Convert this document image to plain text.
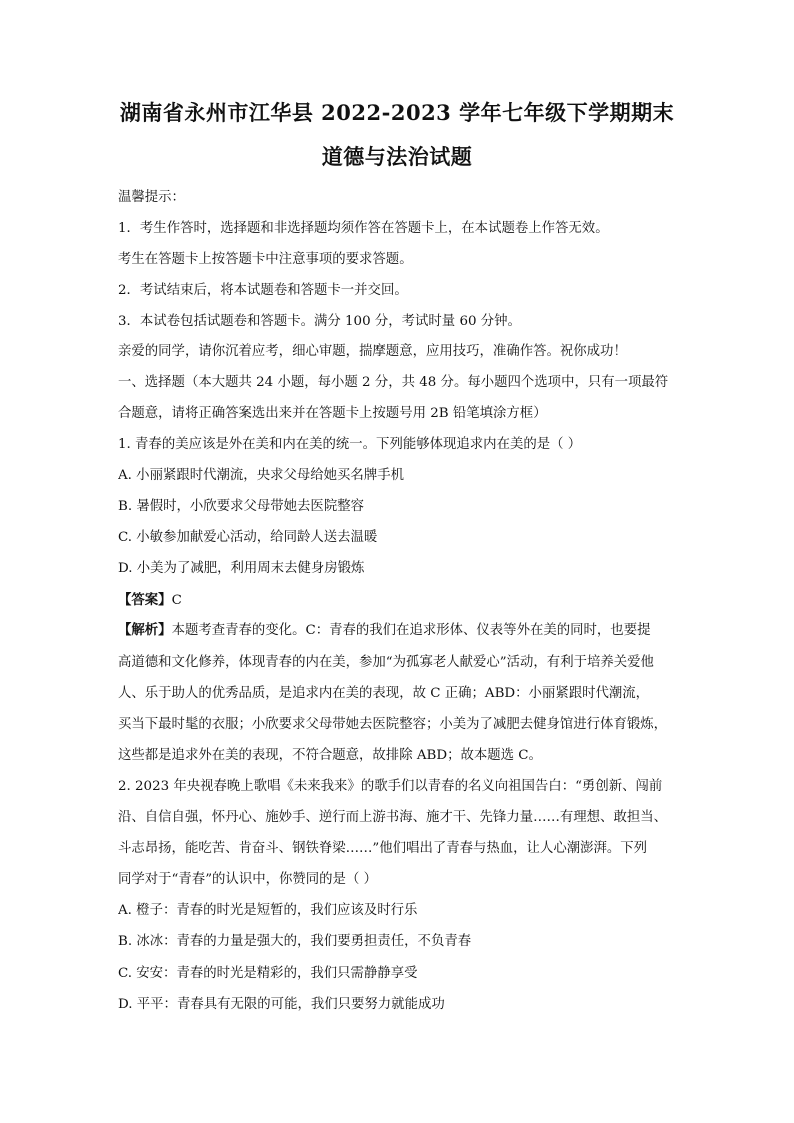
湖南省永州市江华县 2022-2023 学年七年级下学期期末
道德与法治试题
温馨提示：
1．考生作答时，选择题和非选择题均须作答在答题卡上，在本试题卷上作答无效。
考生在答题卡上按答题卡中注意事项的要求答题。
2．考试结束后，将本试题卷和答题卡一并交回。
3．本试卷包括试题卷和答题卡。满分 100 分，考试时量 60 分钟。
亲爱的同学，请你沉着应考，细心审题，揣摩题意，应用技巧，准确作答。祝你成功！
一、选择题（本大题共 24 小题，每小题 2 分，共 48 分。每小题四个选项中，只有一项最符
合题意，请将正确答案选出来并在答题卡上按题号用 2B 铅笔填涂方框）
1. 青春的美应该是外在美和内在美的统一。下列能够体现追求内在美的是（ ）
A. 小丽紧跟时代潮流，央求父母给她买名牌手机
B. 暑假时，小欣要求父母带她去医院整容
C. 小敏参加献爱心活动，给同龄人送去温暖
D. 小美为了减肥，利用周末去健身房锻炼
【答案】C
【解析】本题考查青春的变化。C：青春的我们在追求形体、仪表等外在美的同时，也要提
高道德和文化修养，体现青春的内在美，参加“为孤寡老人献爱心”活动，有利于培养关爱他
人、乐于助人的优秀品质，是追求内在美的表现，故 C 正确；ABD：小丽紧跟时代潮流，
买当下最时髦的衣服；小欣要求父母带她去医院整容；小美为了减肥去健身馆进行体育锻炼，
这些都是追求外在美的表现，不符合题意，故排除 ABD；故本题选 C。
2. 2023 年央视春晚上歌唱《未来我来》的歌手们以青春的名义向祖国告白：“勇创新、闯前
沿、自信自强，怀丹心、施妙手、逆行而上游书海、施才干、先锋力量……有理想、敢担当、
斗志昂扬，能吃苦、肯奋斗、钢铁脊梁……”他们唱出了青春与热血，让人心潮澎湃。下列
同学对于“青春”的认识中，你赞同的是（ ）
A. 橙子：青春的时光是短暂的，我们应该及时行乐
B. 冰冰：青春的力量是强大的，我们要勇担责任，不负青春
C. 安安：青春的时光是精彩的，我们只需静静享受
D. 平平：青春具有无限的可能，我们只要努力就能成功
